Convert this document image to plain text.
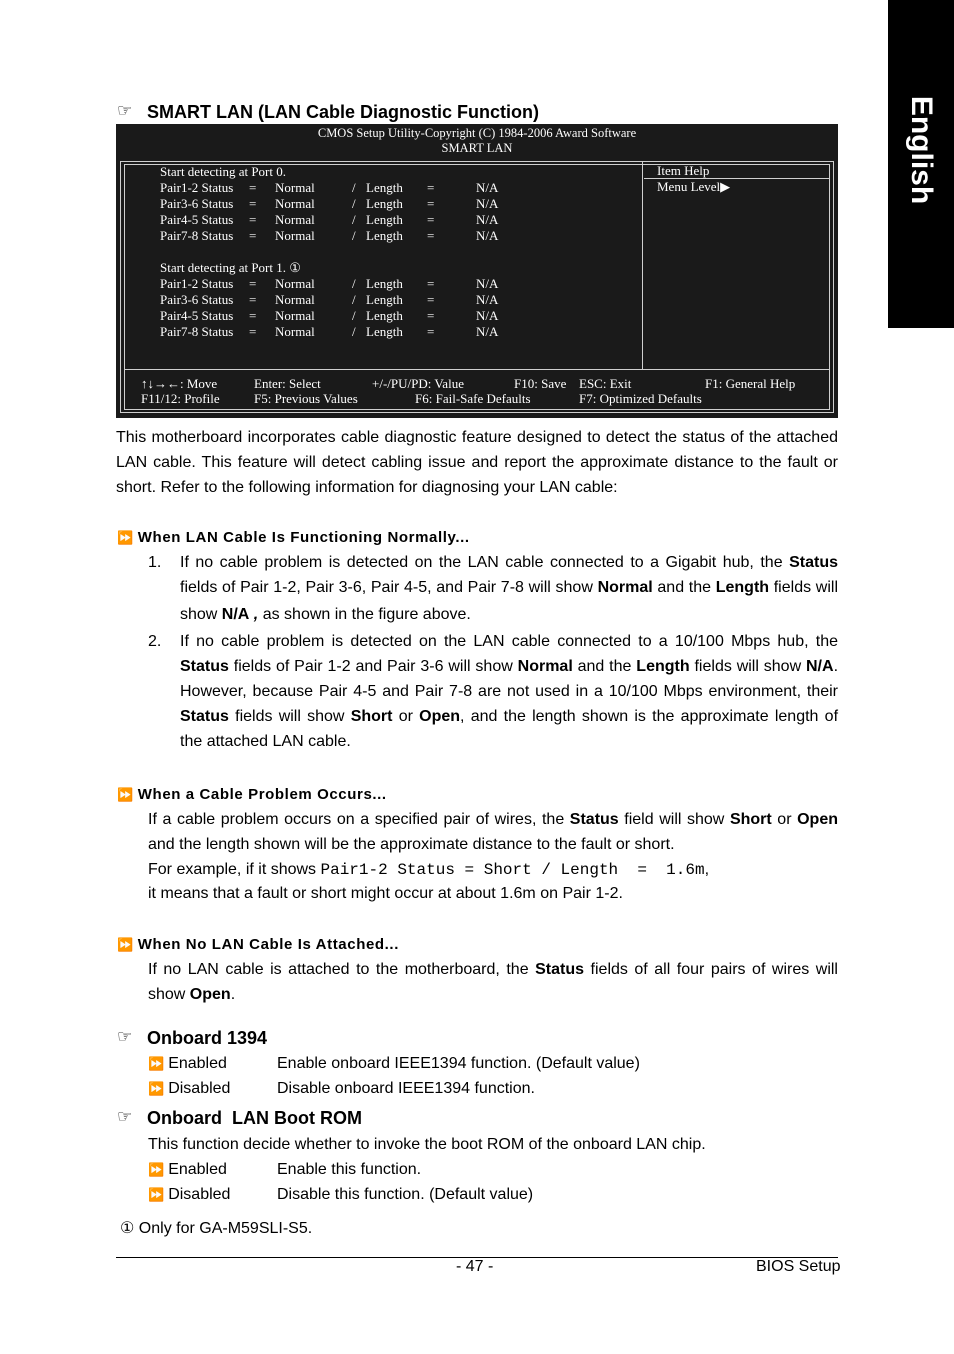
English
☞ SMART LAN (LAN Cable Diagnostic Function)
CMOS Setup Utility-Copyright (C) 1984-2006 Award Software
SMART LAN
Start detecting at Port 0.
Start detecting at Port 1. ①
Item Help
Menu Level▶
↑↓→←: Move	Enter: Select	+/-/PU/PD: Value	F10: Save ESC: Exit	F1: General Help
F11/12: Profile	F5: Previous Values	F6: Fail-Safe Defaults	F7: Optimized Defaults
Pair1-2 Status = Normal	/ Length =	N/A
Pair3-6 Status = Normal	/ Length =	N/A
Pair4-5 Status = Normal	/ Length =	N/A
Pair7-8 Status = Normal	/ Length =	N/A
Pair1-2 Status = Normal	/ Length =	N/A
Pair3-6 Status = Normal	/ Length =	N/A
Pair4-5 Status = Normal	/ Length =	N/A
Pair7-8 Status = Normal	/ Length =	N/A
This motherboard incorporates cable diagnostic feature designed to detect the status of the attached LAN cable. This feature will detect cabling issue and report the approximate distance to the fault or short. Refer to the following information for diagnosing your LAN cable:
⏩ When LAN Cable Is Functioning Normally...
1. If no cable problem is detected on the LAN cable connected to a Gigabit hub, the Status fields of Pair 1-2, Pair 3-6, Pair 4-5, and Pair 7-8 will show Normal and the Length fields will show N/A , as shown in the figure above.
2. If no cable problem is detected on the LAN cable connected to a 10/100 Mbps hub, the Status fields of Pair 1-2 and Pair 3-6 will show Normal and the Length fields will show N/A. However, because Pair 4-5 and Pair 7-8 are not used in a 10/100 Mbps environment, their Status fields will show Short or Open, and the length shown is the approximate length of the attached LAN cable.
⏩ When a Cable Problem Occurs...
If a cable problem occurs on a specified pair of wires, the Status field will show Short or Open and the length shown will be the approximate distance to the fault or short.
For example, if it shows Pair1-2 Status = Short / Length  =  1.6m,
it means that a fault or short might occur at about 1.6m on Pair 1-2.
⏩ When No LAN Cable Is Attached...
If no LAN cable is attached to the motherboard, the Status fields of all four pairs of wires will show Open.
☞ Onboard 1394
⏩ Enabled	Enable onboard IEEE1394 function. (Default value)
⏩ Disabled	Disable onboard IEEE1394 function.
☞ Onboard  LAN Boot ROM
This function decide whether to invoke the boot ROM of the onboard LAN chip.
⏩ Enabled	Enable this function.
⏩ Disabled	Disable this function. (Default value)
① Only for GA-M59SLI-S5.
- 47 -	BIOS Setup
